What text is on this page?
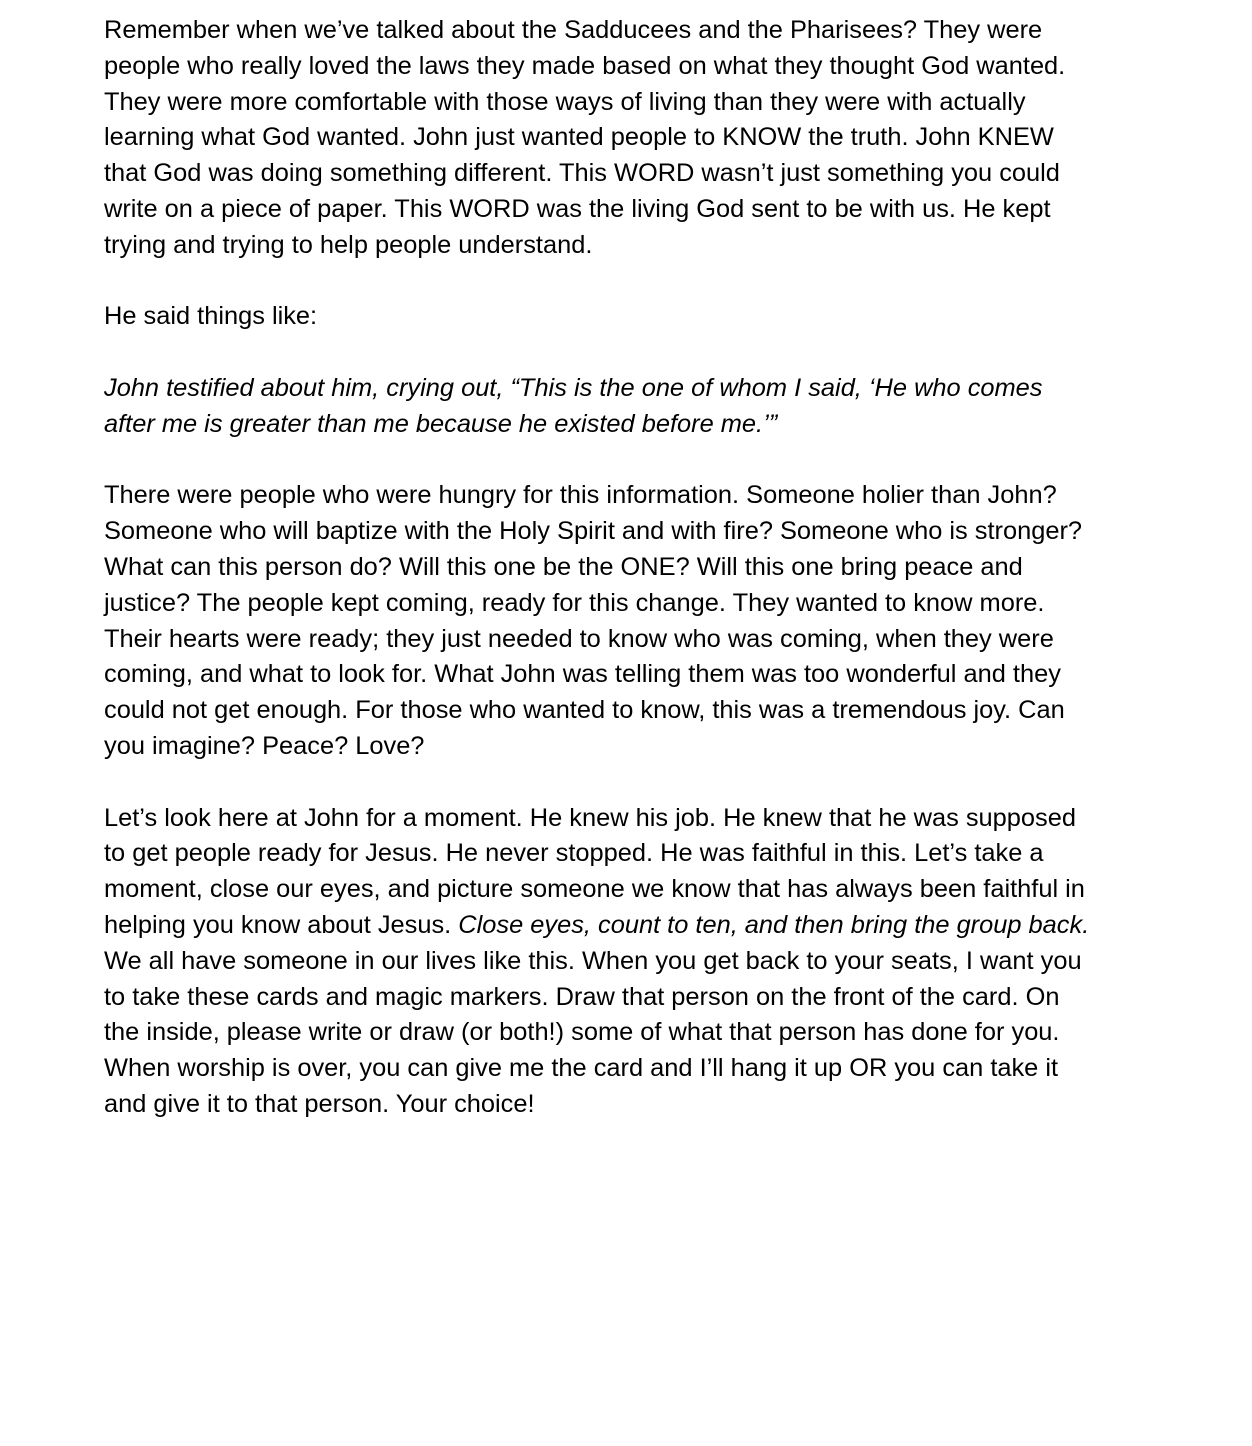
Remember when we’ve talked about the Sadducees and the Pharisees? They were
people who really loved the laws they made based on what they thought God wanted.
They were more comfortable with those ways of living than they were with actually
learning what God wanted. John just wanted people to KNOW the truth. John KNEW
that God was doing something different. This WORD wasn’t just something you could
write on a piece of paper. This WORD was the living God sent to be with us. He kept
trying and trying to help people understand.

He said things like:

John testified about him, crying out, “This is the one of whom I said, ‘He who comes
after me is greater than me because he existed before me.’”

There were people who were hungry for this information. Someone holier than John?
Someone who will baptize with the Holy Spirit and with fire? Someone who is stronger?
What can this person do? Will this one be the ONE? Will this one bring peace and
justice? The people kept coming, ready for this change. They wanted to know more.
Their hearts were ready; they just needed to know who was coming, when they were
coming, and what to look for. What John was telling them was too wonderful and they
could not get enough. For those who wanted to know, this was a tremendous joy. Can
you imagine? Peace? Love?

Let’s look here at John for a moment. He knew his job. He knew that he was supposed
to get people ready for Jesus. He never stopped. He was faithful in this. Let’s take a
moment, close our eyes, and picture someone we know that has always been faithful in
helping you know about Jesus. Close eyes, count to ten, and then bring the group back.
We all have someone in our lives like this. When you get back to your seats, I want you
to take these cards and magic markers. Draw that person on the front of the card. On
the inside, please write or draw (or both!) some of what that person has done for you.
When worship is over, you can give me the card and I’ll hang it up OR you can take it
and give it to that person. Your choice!
